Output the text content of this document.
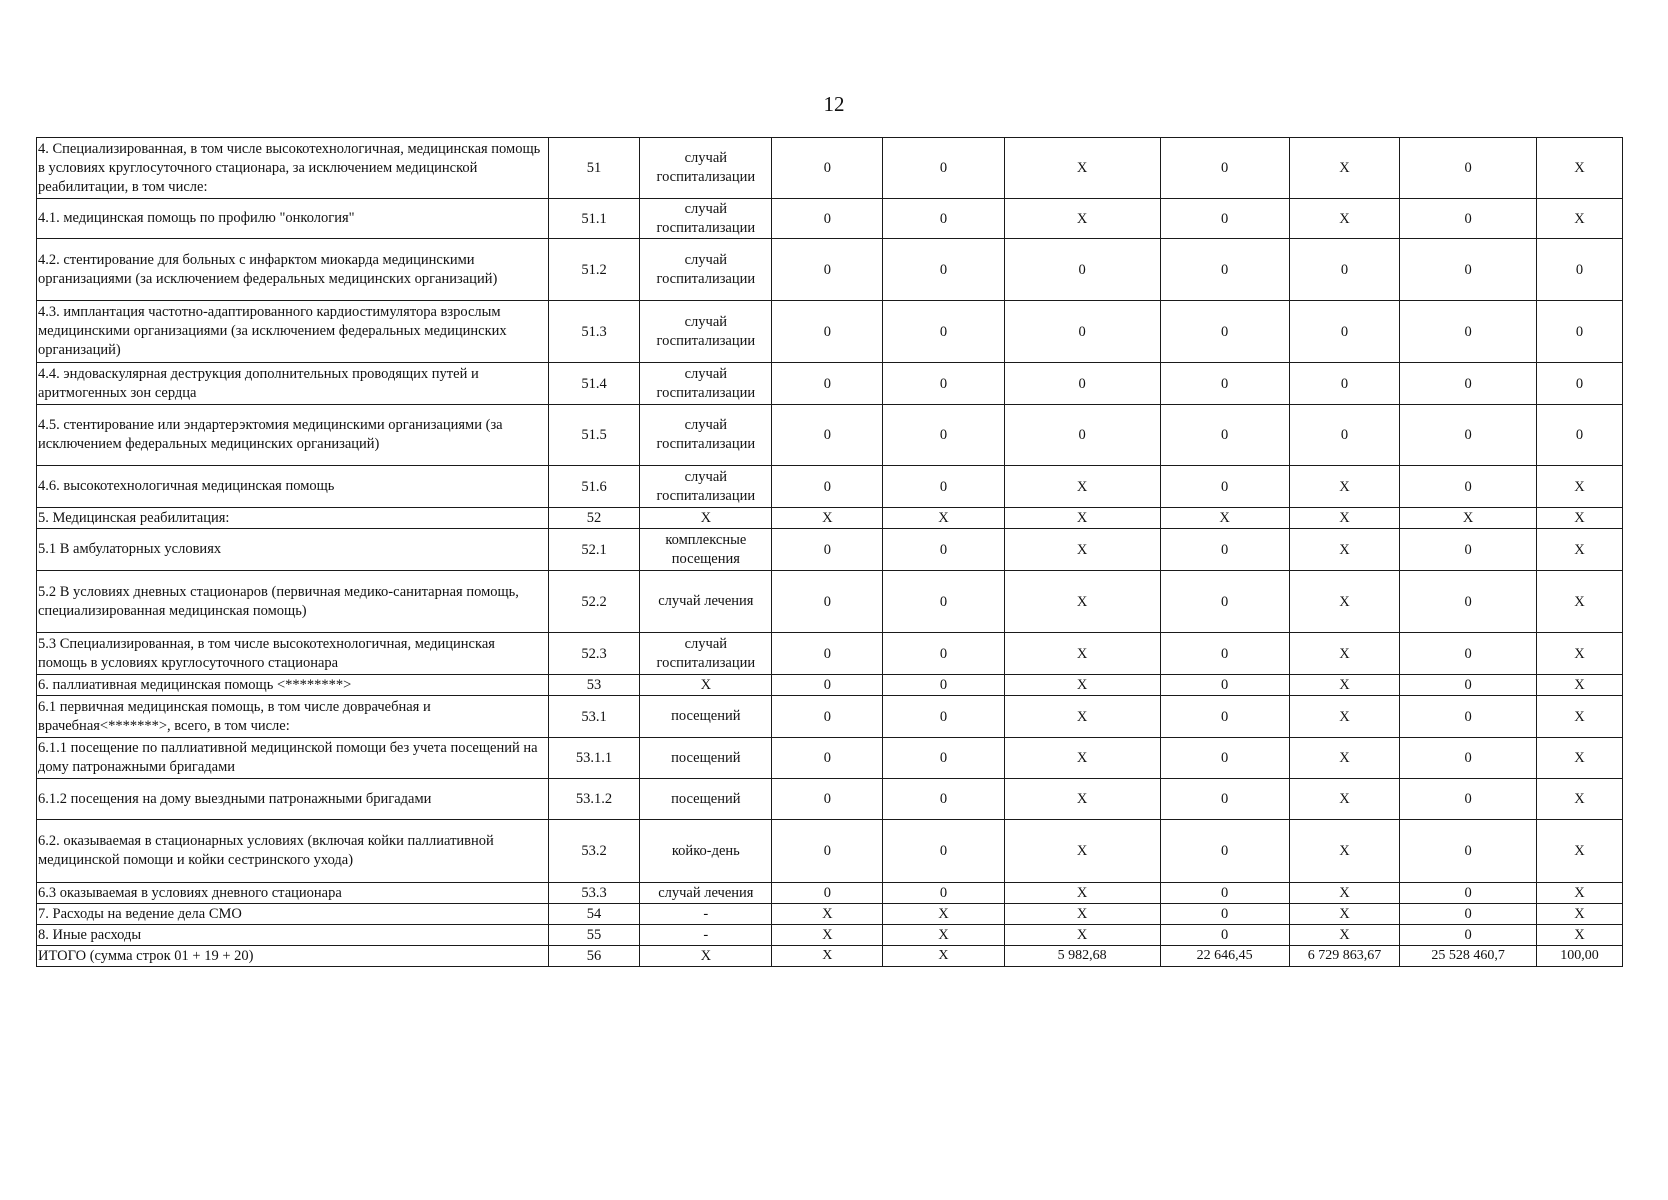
12
4. Специализированная, в том числе высокотехнологичная, медицинская помощь в условиях круглосуточного стационара, за исключением медицинской реабилитации, в том числе:	51	случай госпитализации	0	0	Х	0	Х	0	Х
4.1. медицинская помощь по профилю "онкология"	51.1	случай госпитализации	0	0	Х	0	Х	0	Х
4.2. стентирование для больных с инфарктом миокарда медицинскими организациями (за исключением федеральных медицинских организаций)	51.2	случай госпитализации	0	0	0	0	0	0	0
4.3. имплантация частотно-адаптированного кардиостимулятора взрослым медицинскими организациями (за исключением федеральных медицинских организаций)	51.3	случай госпитализации	0	0	0	0	0	0	0
4.4. эндоваскулярная деструкция дополнительных проводящих путей и аритмогенных зон сердца	51.4	случай госпитализации	0	0	0	0	0	0	0
4.5. стентирование или эндартерэктомия медицинскими организациями (за исключением федеральных медицинских организаций)	51.5	случай госпитализации	0	0	0	0	0	0	0
4.6. высокотехнологичная медицинская помощь	51.6	случай госпитализации	0	0	Х	0	Х	0	Х
5. Медицинская реабилитация:	52	Х	Х	Х	Х	Х	Х	Х	Х
5.1 В амбулаторных условиях	52.1	комплексные посещения	0	0	Х	0	Х	0	Х
5.2 В условиях дневных стационаров (первичная медико-санитарная помощь, специализированная медицинская помощь)	52.2	случай лечения	0	0	Х	0	Х	0	Х
5.3 Специализированная, в том числе высокотехнологичная, медицинская помощь в условиях круглосуточного стационара	52.3	случай госпитализации	0	0	Х	0	Х	0	Х
6. паллиативная медицинская помощь <********>	53	Х	0	0	Х	0	Х	0	Х
6.1 первичная медицинская помощь, в том числе доврачебная и врачебная<*******>, всего, в том числе:	53.1	посещений	0	0	Х	0	Х	0	Х
6.1.1 посещение по паллиативной медицинской помощи без учета посещений на дому патронажными бригадами	53.1.1	посещений	0	0	Х	0	Х	0	Х
6.1.2 посещения на дому выездными патронажными бригадами	53.1.2	посещений	0	0	Х	0	Х	0	Х
6.2. оказываемая в стационарных условиях (включая койки паллиативной медицинской помощи и койки сестринского ухода)	53.2	койко-день	0	0	Х	0	Х	0	Х
6.3 оказываемая в условиях дневного стационара	53.3	случай лечения	0	0	Х	0	Х	0	Х
7. Расходы на ведение дела СМО	54	-	Х	Х	Х	0	Х	0	Х
8. Иные расходы	55	-	Х	Х	Х	0	Х	0	Х
ИТОГО (сумма строк 01 + 19 + 20)	56	Х	Х	Х	5 982,68	22 646,45	6 729 863,67	25 528 460,7	100,00
